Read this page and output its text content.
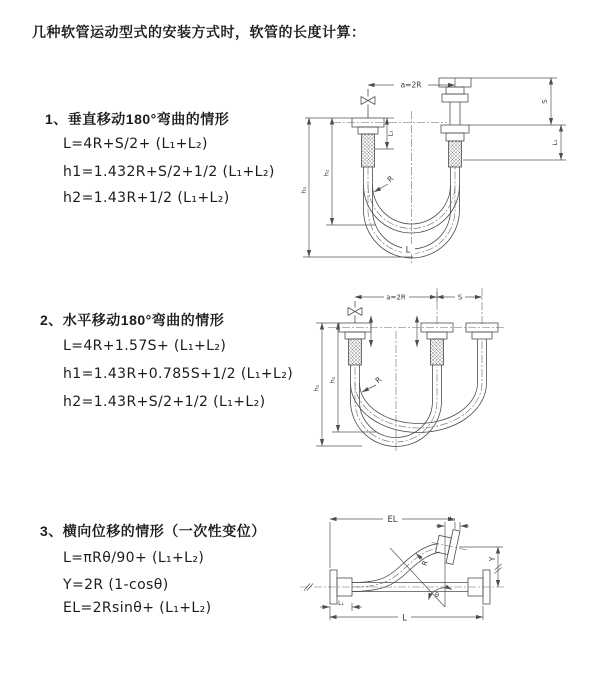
几种软管运动型式的安装方式时，软管的长度计算：
1、垂直移动180°弯曲的情形
L=4R+S/2+ (L₁+L₂)
h1=1.432R+S/2+1/2 (L₁+L₂)
h2=1.43R+1/2 (L₁+L₂)
2、水平移动180°弯曲的情形
L=4R+1.57S+ (L₁+L₂)
h1=1.43R+0.785S+1/2 (L₁+L₂)
h2=1.43R+S/2+1/2 (L₁+L₂)
3、横向位移的情形（一次性变位）
L=πRθ/90+ (L₁+L₂)
Y=2R (1-cosθ)
EL=2Rsinθ+ (L₁+L₂)
a=2R
L₁
S
L₂
h₁
h₂
R
L
a=2R	S
h₁
h₂	R
EL	L₂
θ
R
Y
L₁
L
